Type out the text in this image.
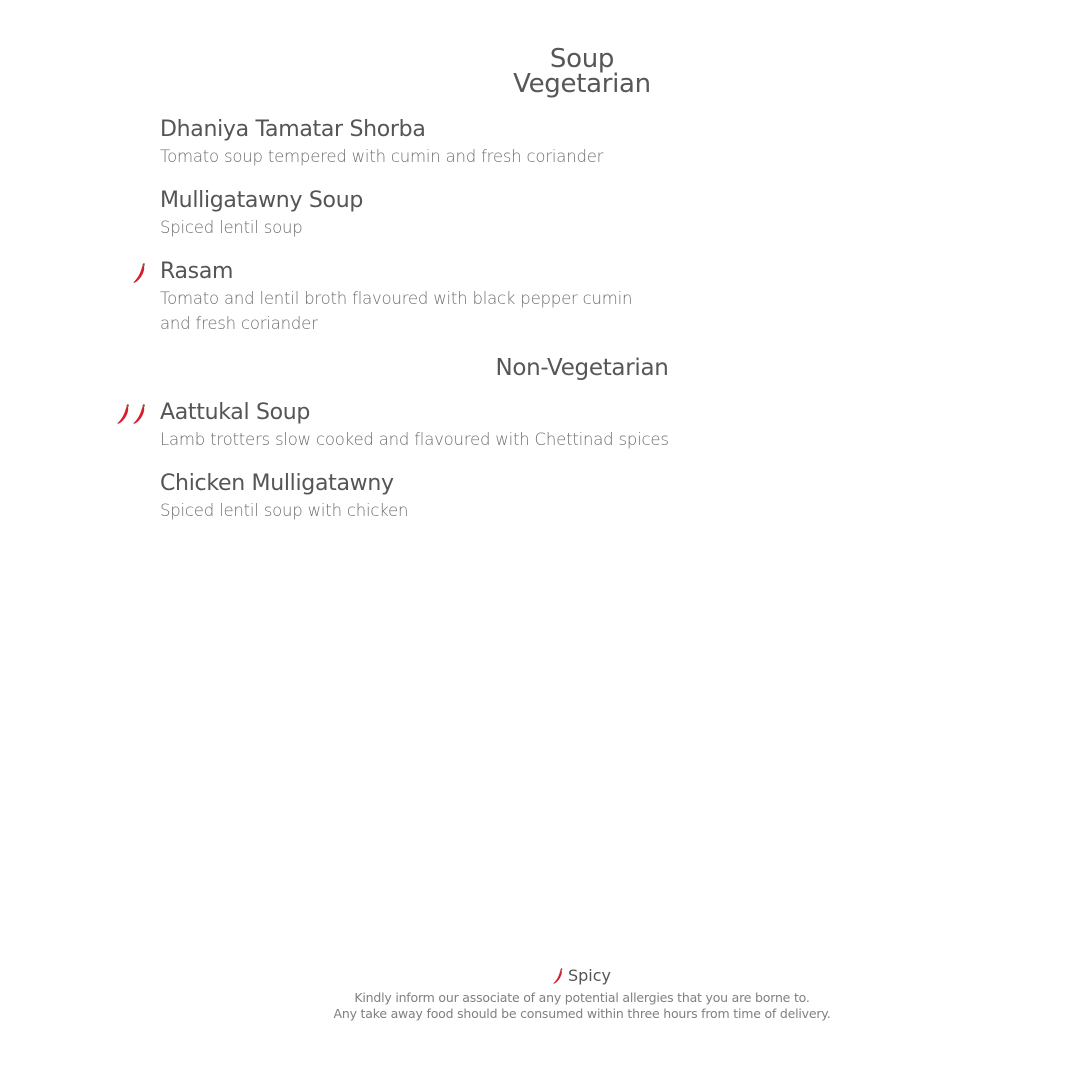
Soup
Vegetarian
Dhaniya Tamatar Shorba
Tomato soup tempered with cumin and fresh coriander
Mulligatawny Soup
Spiced lentil soup
Rasam
Tomato and lentil broth flavoured with black pepper cumin and fresh coriander
Non-Vegetarian
Aattukal Soup
Lamb trotters slow cooked and flavoured with Chettinad spices
Chicken Mulligatawny
Spiced lentil soup with chicken
Spicy
Kindly inform our associate of any potential allergies that you are borne to.
Any take away food should be consumed within three hours from time of delivery.
